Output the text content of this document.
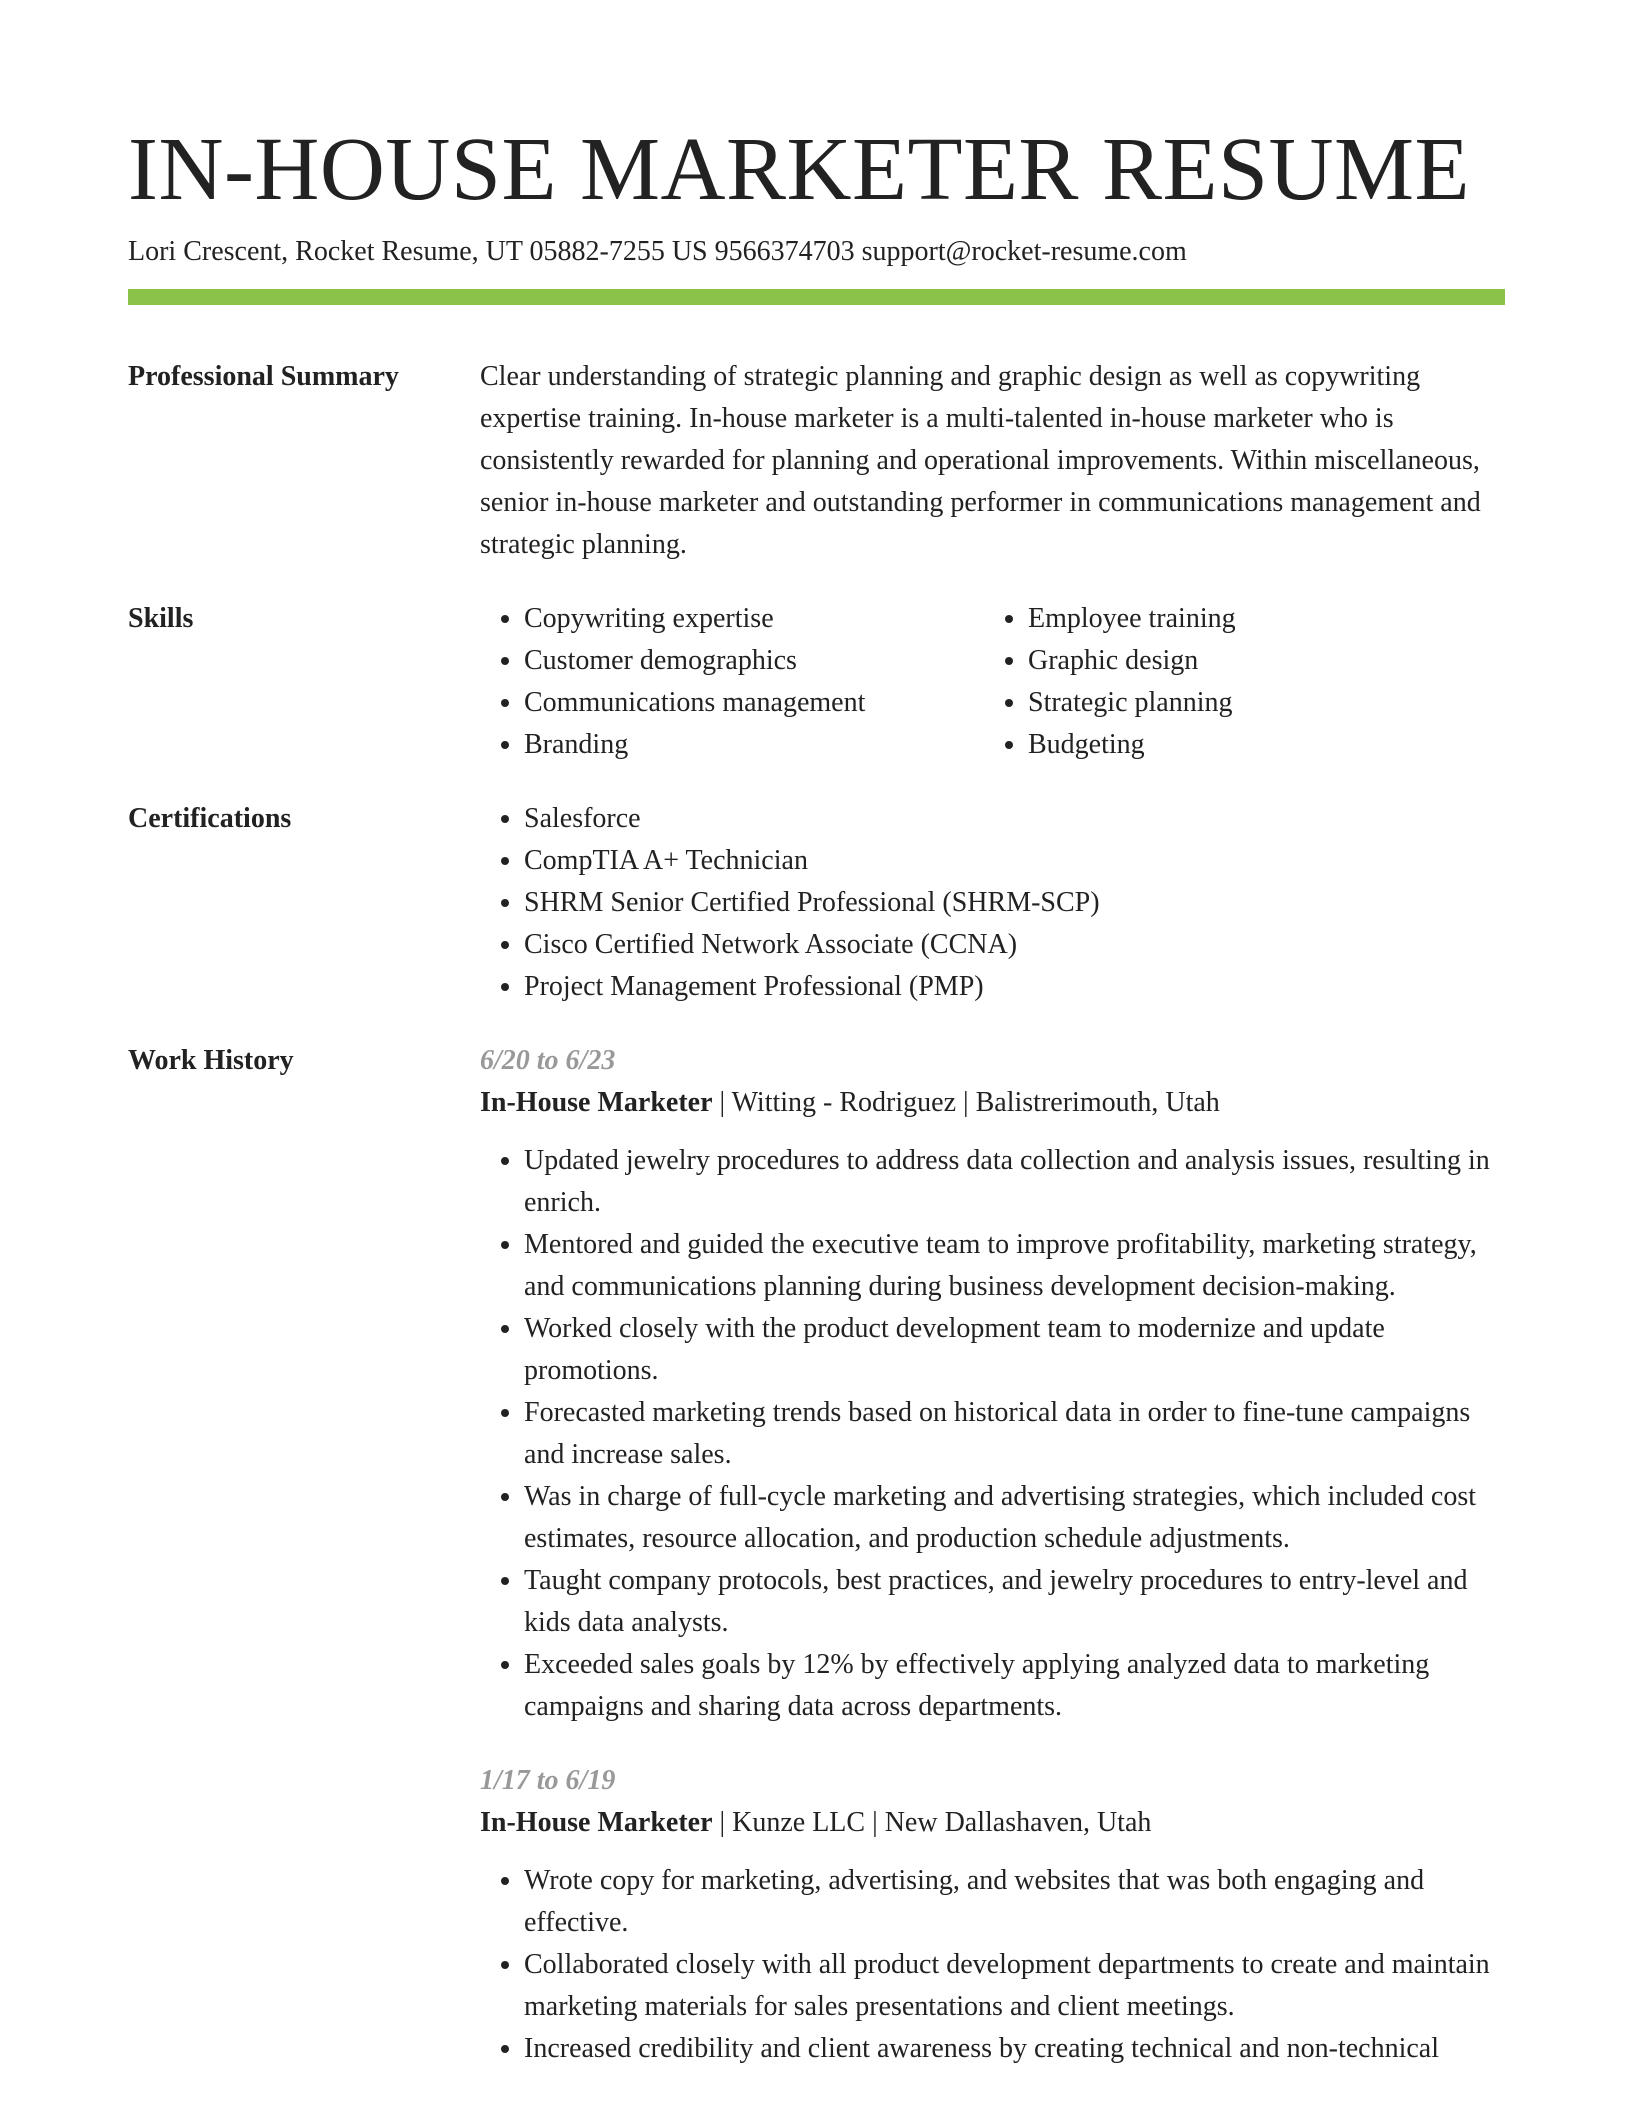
IN-HOUSE MARKETER RESUME
Lori Crescent, Rocket Resume, UT 05882-7255 US 9566374703 support@rocket-resume.com
Professional Summary	Clear understanding of strategic planning and graphic design as well as copywriting expertise training. In-house marketer is a multi-talented in-house marketer who is consistently rewarded for planning and operational improvements. Within miscellaneous, senior in-house marketer and outstanding performer in communications management and strategic planning.

Skills	• Copywriting expertise
• Customer demographics
• Communications management
• Branding
• Employee training
• Graphic design
• Strategic planning
• Budgeting
Certifications	• Salesforce
• CompTIA A+ Technician
• SHRM Senior Certified Professional (SHRM-SCP)
• Cisco Certified Network Associate (CCNA)
• Project Management Professional (PMP)
Work History	6/20 to 6/23
In-House Marketer | Witting - Rodriguez | Balistrerimouth, Utah
• Updated jewelry procedures to address data collection and analysis issues, resulting in enrich.
• Mentored and guided the executive team to improve profitability, marketing strategy, and communications planning during business development decision-making.
• Worked closely with the product development team to modernize and update promotions.
• Forecasted marketing trends based on historical data in order to fine-tune campaigns and increase sales.
• Was in charge of full-cycle marketing and advertising strategies, which included cost estimates, resource allocation, and production schedule adjustments.
• Taught company protocols, best practices, and jewelry procedures to entry-level and kids data analysts.
• Exceeded sales goals by 12% by effectively applying analyzed data to marketing campaigns and sharing data across departments.
1/17 to 6/19
In-House Marketer | Kunze LLC | New Dallashaven, Utah
• Wrote copy for marketing, advertising, and websites that was both engaging and effective.
• Collaborated closely with all product development departments to create and maintain marketing materials for sales presentations and client meetings.
• Increased credibility and client awareness by creating technical and non-technical
